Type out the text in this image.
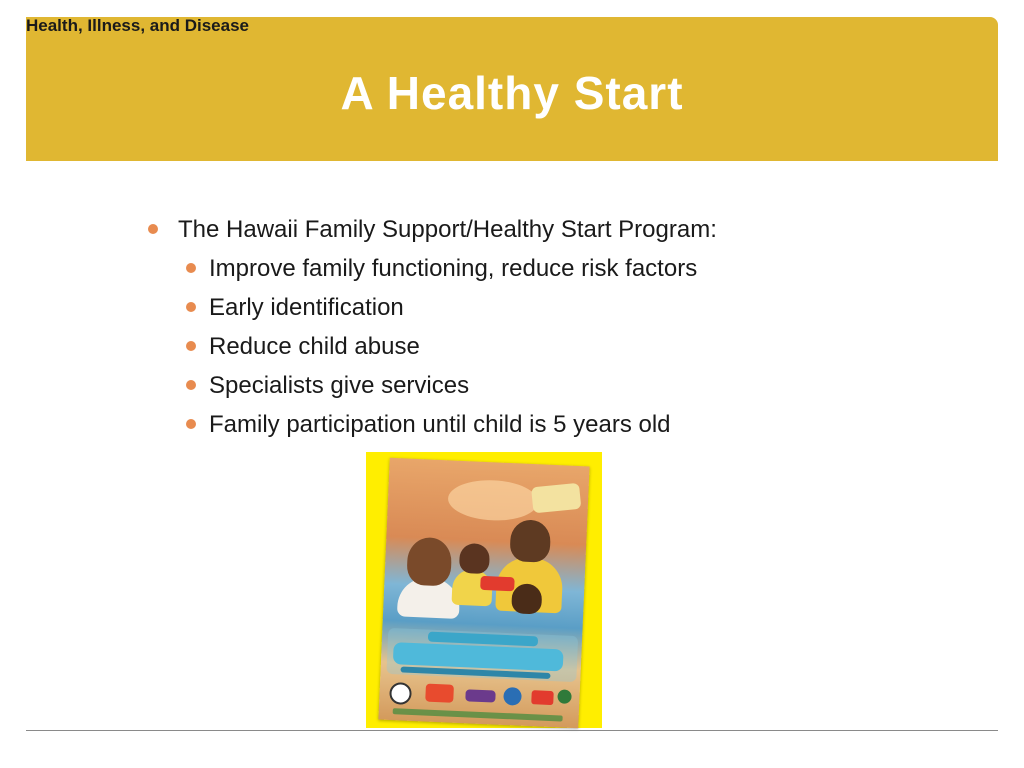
Health, Illness, and Disease
A Healthy Start
The Hawaii Family Support/Healthy Start Program:
Improve family functioning, reduce risk factors
Early identification
Reduce child abuse
Specialists give services
Family participation until child is 5 years old
